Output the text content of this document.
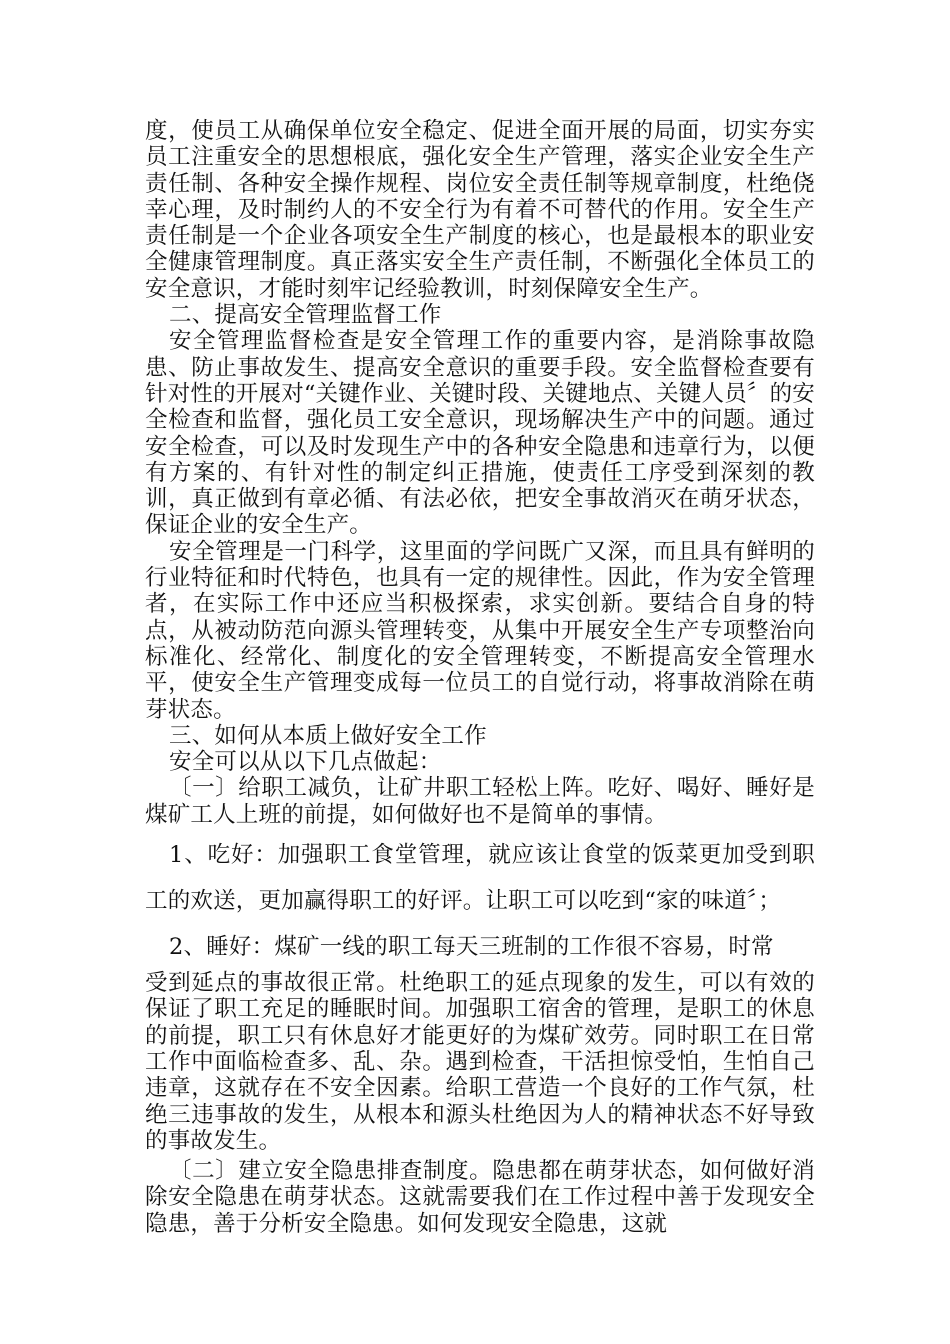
度，使员工从确保单位安全稳定、促进全面开展的局面，切实夯实员工注重安全的思想根底，强化安全生产管理，落实企业安全生产责任制、各种安全操作规程、岗位安全责任制等规章制度，杜绝侥幸心理，及时制约人的不安全行为有着不可替代的作用。安全生产责任制是一个企业各项安全生产制度的核心，也是最根本的职业安全健康管理制度。真正落实安全生产责任制，不断强化全体员工的安全意识，才能时刻牢记经验教训，时刻保障安全生产。

二、提高安全管理监督工作

安全管理监督检查是安全管理工作的重要内容，是消除事故隐患、防止事故发生、提高安全意识的重要手段。安全监督检查要有针对性的开展对“关键作业、关键时段、关键地点、关键人员〞的安全检查和监督，强化员工安全意识，现场解决生产中的问题。通过安全检查，可以及时发现生产中的各种安全隐患和违章行为，以便有方案的、有针对性的制定纠正措施，使责任工序受到深刻的教训，真正做到有章必循、有法必依，把安全事故消灭在萌牙状态，保证企业的安全生产。

安全管理是一门科学，这里面的学问既广又深，而且具有鲜明的行业特征和时代特色，也具有一定的规律性。因此，作为安全管理者，在实际工作中还应当积极探索，求实创新。要结合自身的特点，从被动防范向源头管理转变，从集中开展安全生产专项整治向标准化、经常化、制度化的安全管理转变，不断提高安全管理水平，使安全生产管理变成每一位员工的自觉行动，将事故消除在萌芽状态。

三、如何从本质上做好安全工作

安全可以从以下几点做起：

〔一〕给职工减负，让矿井职工轻松上阵。吃好、喝好、睡好是煤矿工人上班的前提，如何做好也不是简单的事情。

1、吃好：加强职工食堂管理，就应该让食堂的饭菜更加受到职工的欢送，更加赢得职工的好评。让职工可以吃到“家的味道〞；

2、睡好：煤矿一线的职工每天三班制的工作很不容易，时常

受到延点的事故很正常。杜绝职工的延点现象的发生，可以有效的保证了职工充足的睡眠时间。加强职工宿舍的管理，是职工的休息的前提，职工只有休息好才能更好的为煤矿效劳。同时职工在日常工作中面临检查多、乱、杂。遇到检查，干活担惊受怕，生怕自己违章，这就存在不安全因素。给职工营造一个良好的工作气氛，杜绝三违事故的发生，从根本和源头杜绝因为人的精神状态不好导致的事故发生。

〔二〕建立安全隐患排查制度。隐患都在萌芽状态，如何做好消除安全隐患在萌芽状态。这就需要我们在工作过程中善于发现安全隐患，善于分析安全隐患。如何发现安全隐患，这就
